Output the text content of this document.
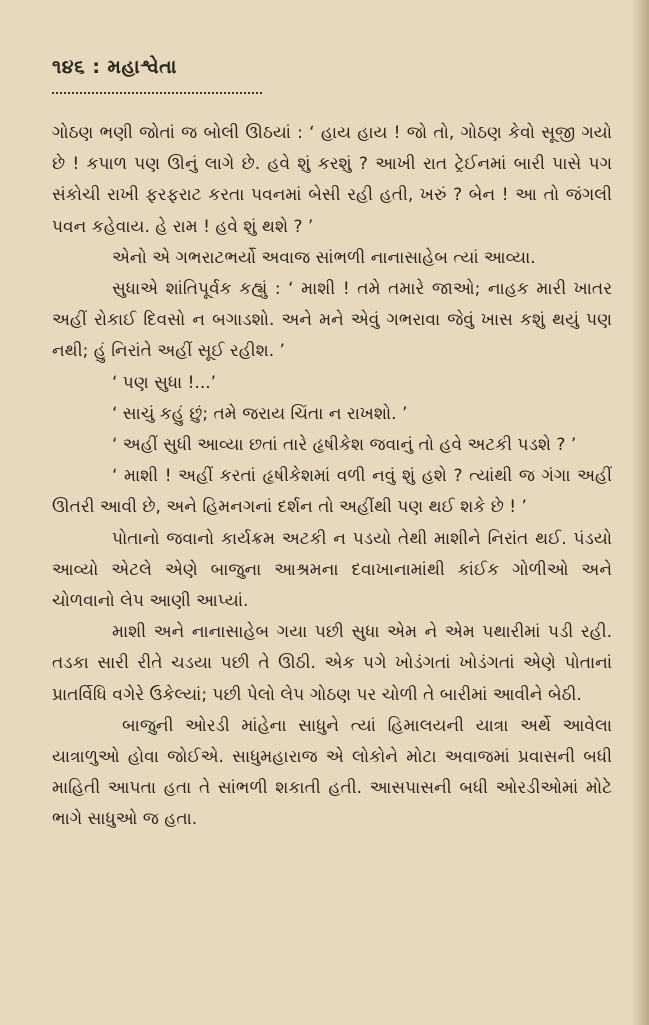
૧૪૬ : મહાશ્વેતા

ગોઠણ ભણી જોતાં જ બોલી ઊઠયાં : ‘ હાય હાય ! જો તો, ગોઠણ કેવો સૂજી ગયો છે ! કપાળ પણ ઊનું લાગે છે. હવે શું કરશું ? આખી રાત ટ્રેઈનમાં બારી પાસે પગ સંકોચી રાખી ફરફરાટ કરતા પવનમાં બેસી રહી હતી, ખરું ? બેન ! આ તો જંગલી પવન કહેવાય. હે રામ ! હવે શું થશે ? ’

એનો એ ગભરાટભર્યો અવાજ સાંભળી નાનાસાહેબ ત્યાં આવ્યા.

સુધાએ શાંતિપૂર્વક કહ્યું : ‘ માશી ! તમે તમારે જાઓ; નાહક મારી ખાતર અહીં રોકાઈ દિવસો ન બગાડશો. અને મને એવું ગભરાવા જેવું ખાસ કશું થયું પણ નથી; હું નિરાંતે અહીં સૂઈ રહીશ. ’

‘ પણ સુધા !...’

‘ સાચું કહું છું; તમે જરાય ચિંતા ન રાખશો. ’

‘ અહીં સુધી આવ્યા છતાં તારે હૃષીકેશ જવાનું તો હવે અટકી પડશે ? ’

‘ માશી ! અહીં કરતાં હૃષીકેશમાં વળી નવું શું હશે ? ત્યાંથી જ ગંગા અહીં ઊતરી આવી છે, અને હિમનગનાં દર્શન તો અહીંથી પણ થઈ શકે છે ! ’

પોતાનો જવાનો કાર્યક્રમ અટકી ન પડયો તેથી માશીને નિરાંત થઈ. પંડયો આવ્યો એટલે એણે બાજુના આશ્રમના દવાખાનામાંથી કાંઈક ગોળીઓ અને ચોળવાનો લેપ આણી આપ્યાં.

માશી અને નાનાસાહેબ ગયા પછી સુધા એમ ને એમ પથારીમાં પડી રહી. તડકા સારી રીતે ચડયા પછી તે ઊઠી. એક પગે ખોડંગતાં ખોડંગતાં એણે પોતાનાં પ્રાતર્વિધિ વગેરે ઉકેલ્યાં; પછી પેલો લેપ ગોઠણ પર ચોળી તે બારીમાં આવીને બેઠી.

બાજુની ઓરડી માંહેના સાધુને ત્યાં હિમાલયની યાત્રા અર્થે આવેલા યાત્રાળુઓ હોવા જોઈએ. સાધુમહારાજ એ લોકોને મોટા અવાજમાં પ્રવાસની બધી માહિતી આપતા હતા તે સાંભળી શકાતી હતી. આસપાસની બધી ઓરડીઓમાં મોટે ભાગે સાધુઓ જ હતા.
